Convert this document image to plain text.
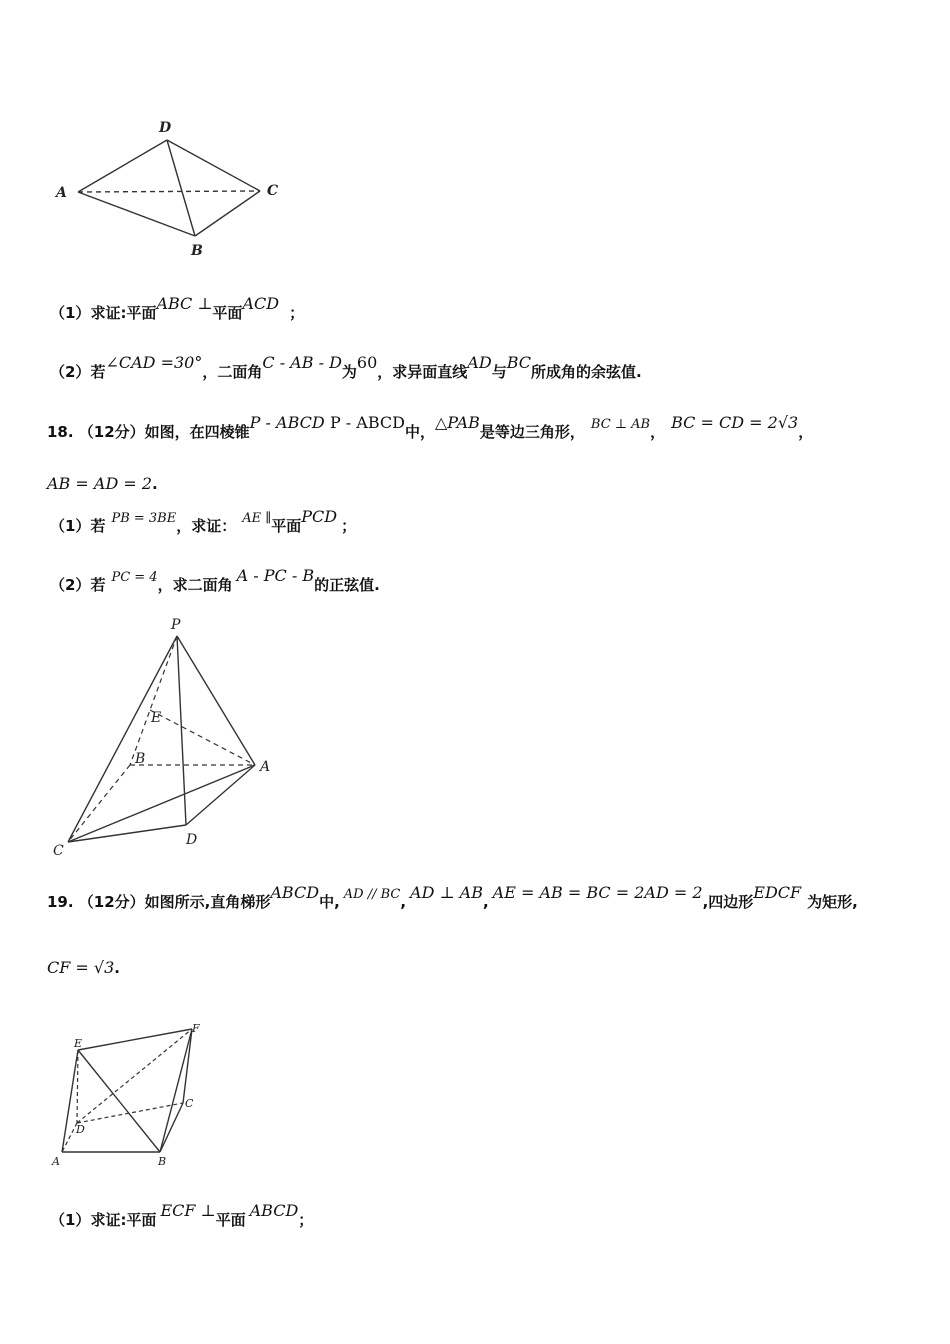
D
A	C
B
（1）求证:平面ABC ⊥平面ACD ；
（2）若∠CAD =30°，二面角C - AB - D为60，求异面直线AD与BC所成角的余弦值.
18. （12分）如图，在四棱锥P - ABCD P - ABCD中，△PAB是等边三角形， BC ⊥ AB， BC = CD = 2√3，
AB = AD = 2.
（1）若 PB = 3BE，求证： AE ∥平面PCD ；
（2）若 PC = 4，求二面角 A - PC - B的正弦值.
P
E
B	A
C
D
19. （12分）如图所示,直角梯形ABCD中, AD // BC, AD ⊥ AB, AE = AB = BC = 2AD = 2,四边形EDCF 为矩形,
CF = √3.
E
F
C
D
A	B
（1）求证:平面 ECF ⊥平面 ABCD；
